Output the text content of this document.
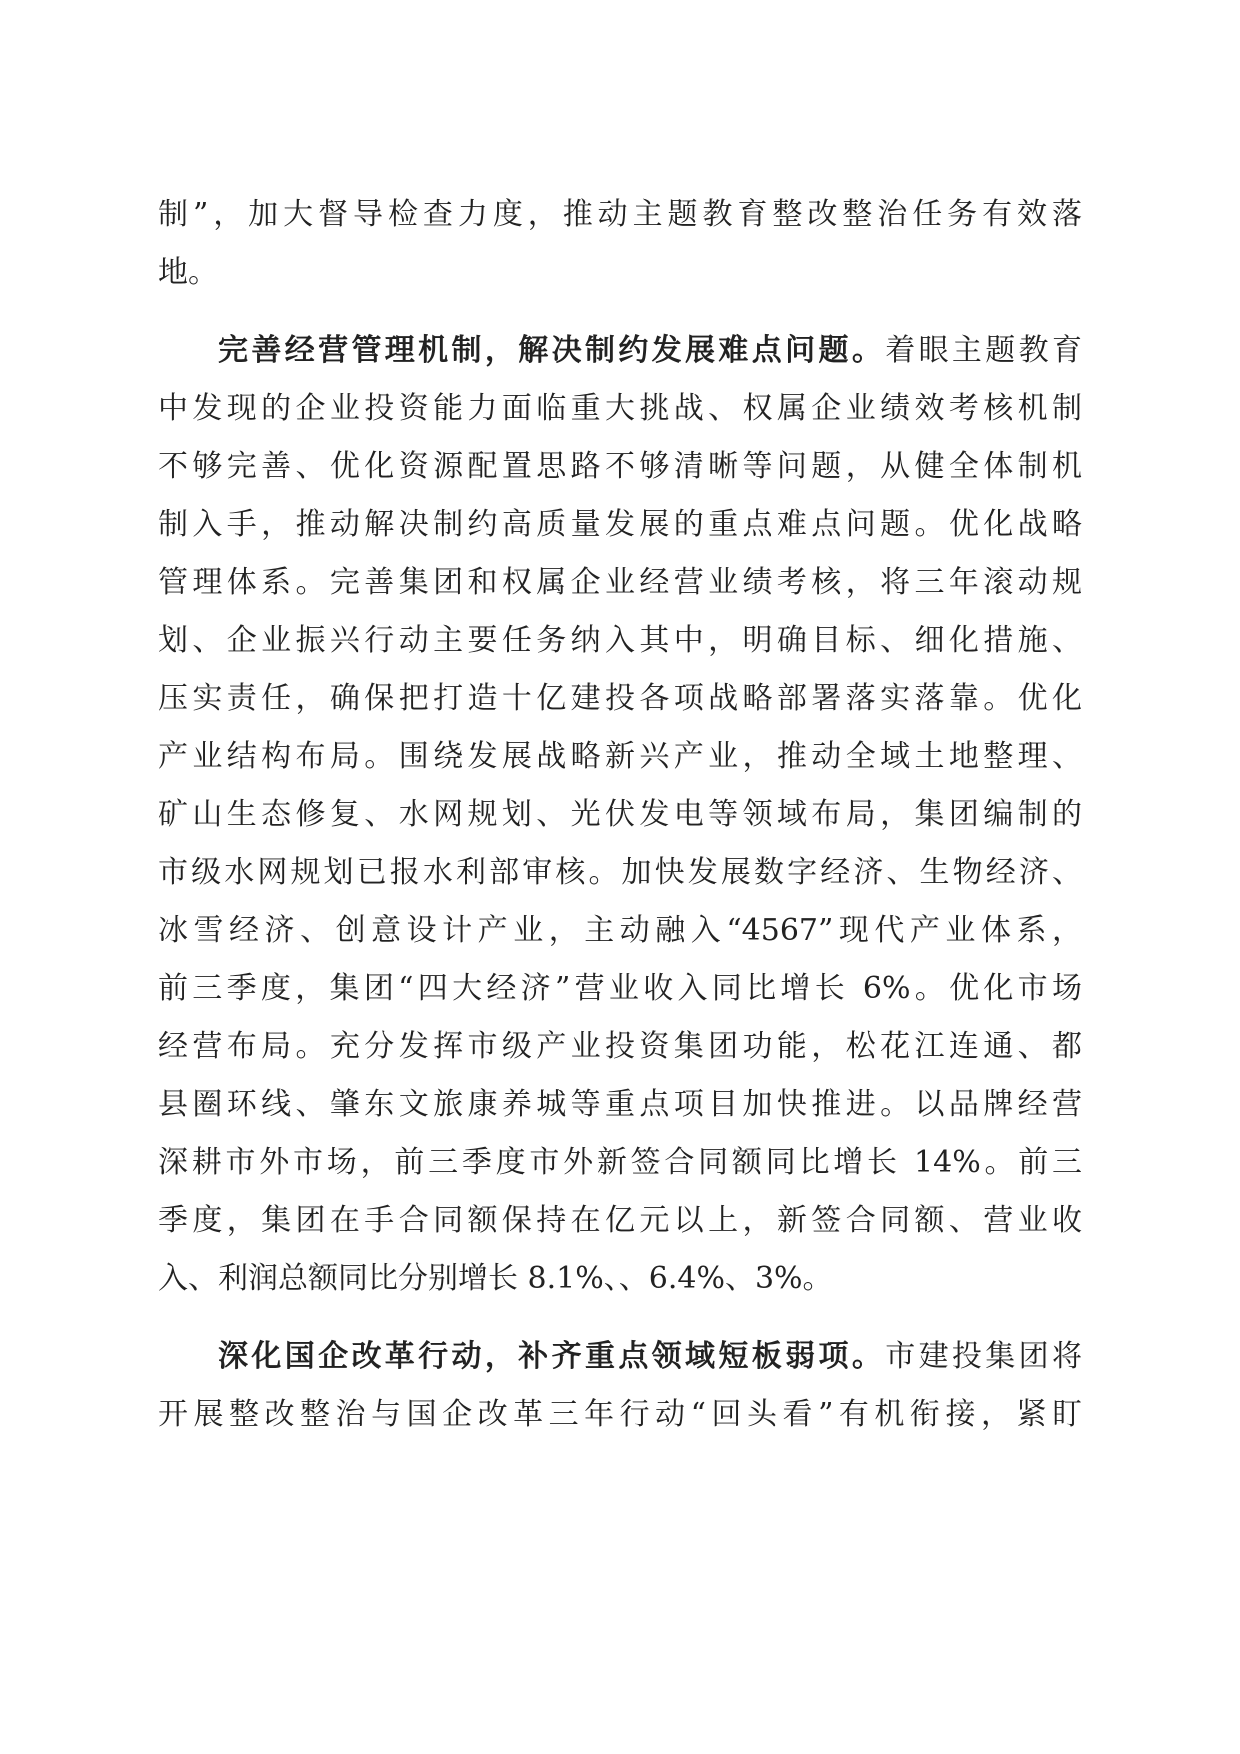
制”，加大督导检查力度，推动主题教育整改整治任务有效落
地。
完善经营管理机制，解决制约发展难点问题。着眼主题教育
中发现的企业投资能力面临重大挑战、权属企业绩效考核机制
不够完善、优化资源配置思路不够清晰等问题，从健全体制机
制入手，推动解决制约高质量发展的重点难点问题。优化战略
管理体系。完善集团和权属企业经营业绩考核，将三年滚动规
划、企业振兴行动主要任务纳入其中，明确目标、细化措施、
压实责任，确保把打造十亿建投各项战略部署落实落靠。优化
产业结构布局。围绕发展战略新兴产业，推动全域土地整理、
矿山生态修复、水网规划、光伏发电等领域布局，集团编制的
市级水网规划已报水利部审核。加快发展数字经济、生物经济、
冰雪经济、创意设计产业，主动融入“4567”现代产业体系，
前三季度，集团“四大经济”营业收入同比增长 6%。优化市场
经营布局。充分发挥市级产业投资集团功能，松花江连通、都
县圈环线、肇东文旅康养城等重点项目加快推进。以品牌经营
深耕市外市场，前三季度市外新签合同额同比增长 14%。前三
季度，集团在手合同额保持在亿元以上，新签合同额、营业收
入、利润总额同比分别增长 8.1%、、6.4%、3%。
深化国企改革行动，补齐重点领域短板弱项。市建投集团将
开展整改整治与国企改革三年行动“回头看”有机衔接，紧盯
